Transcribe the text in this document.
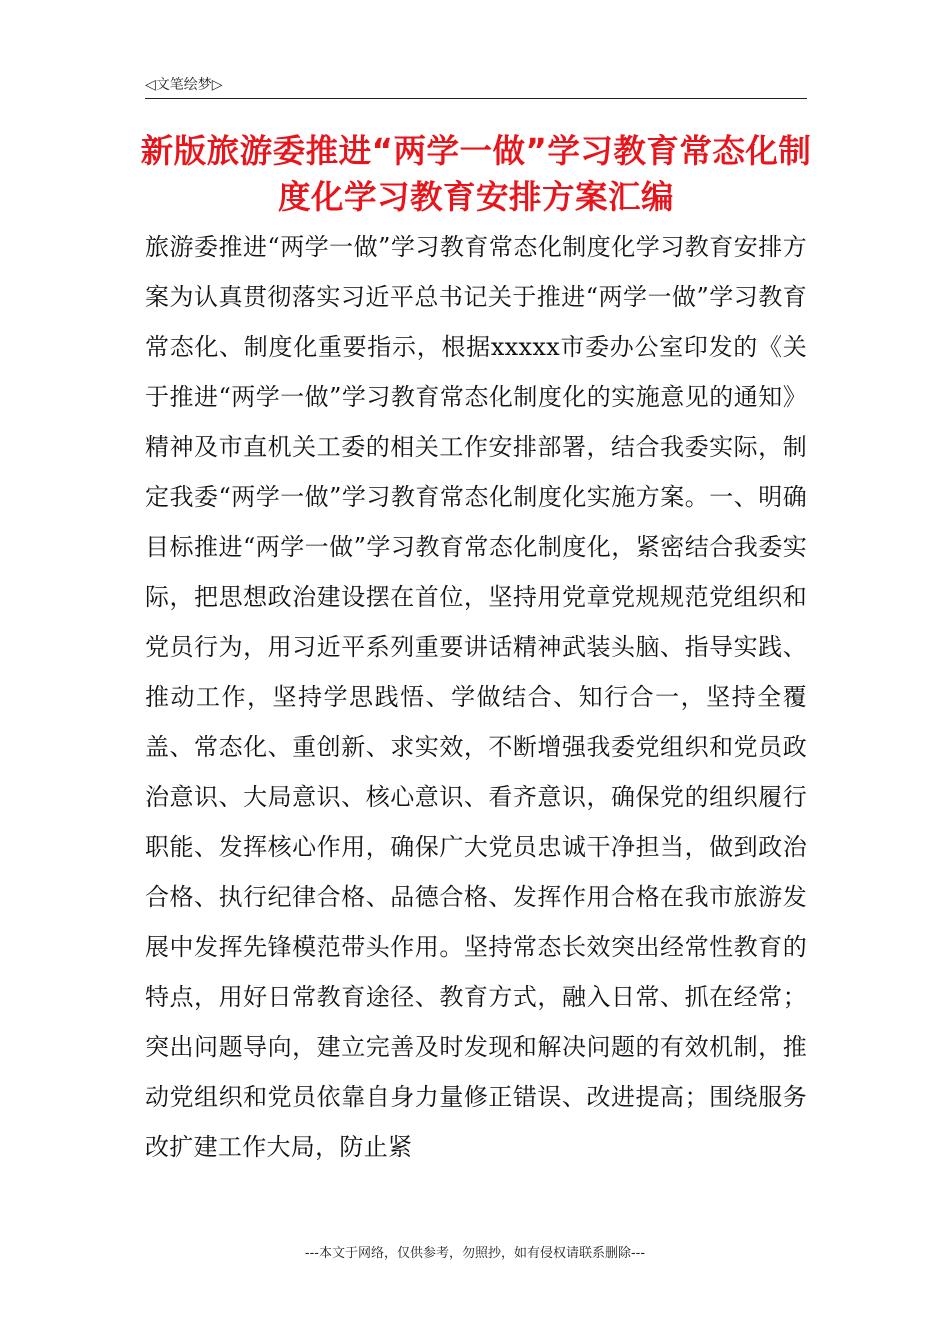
◁文笔绘梦▷
新版旅游委推进“两学一做”学习教育常态化制度化学习教育安排方案汇编

旅游委推进“两学一做”学习教育常态化制度化学习教育安排方案为认真贯彻落实习近平总书记关于推进“两学一做”学习教育常态化、制度化重要指示，根据xxxxx市委办公室印发的《关于推进“两学一做”学习教育常态化制度化的实施意见的通知》精神及市直机关工委的相关工作安排部署，结合我委实际，制定我委“两学一做”学习教育常态化制度化实施方案。一、明确目标推进“两学一做”学习教育常态化制度化，紧密结合我委实际，把思想政治建设摆在首位，坚持用党章党规规范党组织和党员行为，用习近平系列重要讲话精神武装头脑、指导实践、推动工作，坚持学思践悟、学做结合、知行合一，坚持全覆盖、常态化、重创新、求实效，不断增强我委党组织和党员政治意识、大局意识、核心意识、看齐意识，确保党的组织履行职能、发挥核心作用，确保广大党员忠诚干净担当，做到政治合格、执行纪律合格、品德合格、发挥作用合格在我市旅游发展中发挥先锋模范带头作用。坚持常态长效突出经常性教育的特点，用好日常教育途径、教育方式，融入日常、抓在经常；突出问题导向，建立完善及时发现和解决问题的有效机制，推动党组织和党员依靠自身力量修正错误、改进提高；围绕服务改扩建工作大局，防止紧

---本文于网络，仅供参考，勿照抄，如有侵权请联系删除---
